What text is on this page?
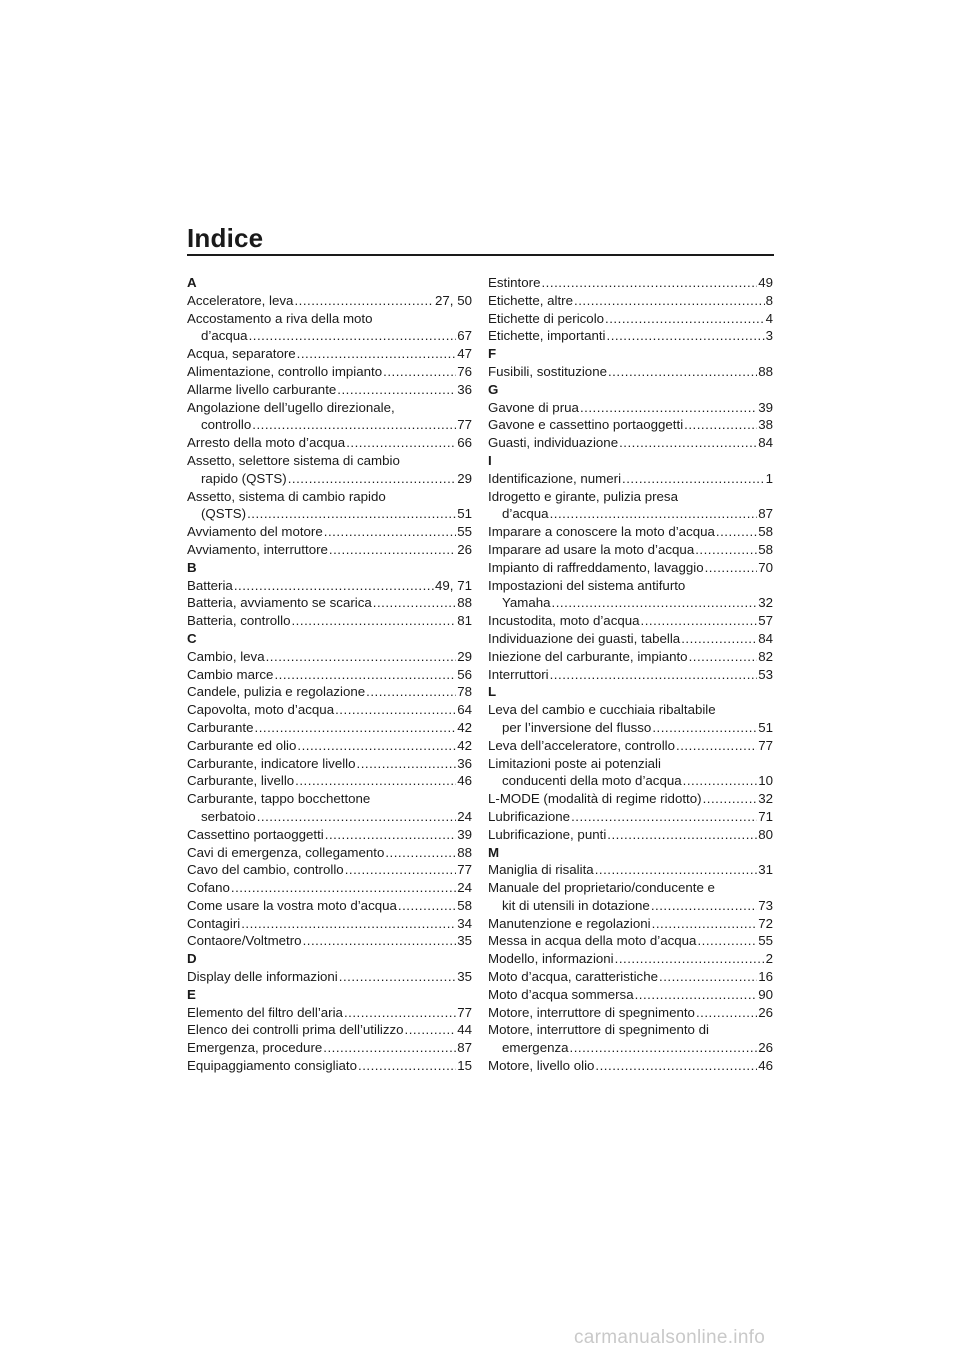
Indice
A
Acceleratore, leva .....	27, 50
Accostamento a riva della moto
d’acqua .....	67
Acqua, separatore .....	47
Alimentazione, controllo impianto .....	76
Allarme livello carburante .....	36
Angolazione dell’ugello direzionale,
controllo .....	77
Arresto della moto d’acqua .....	66
Assetto, selettore sistema di cambio
rapido (QSTS) .....	29
Assetto, sistema di cambio rapido
(QSTS) .....	51
Avviamento del motore .....	55
Avviamento, interruttore .....	26
B
Batteria .....	49, 71
Batteria, avviamento se scarica .....	88
Batteria, controllo .....	81
C
Cambio, leva .....	29
Cambio marce .....	56
Candele, pulizia e regolazione .....	78
Capovolta, moto d’acqua .....	64
Carburante .....	42
Carburante ed olio .....	42
Carburante, indicatore livello .....	36
Carburante, livello .....	46
Carburante, tappo bocchettone
serbatoio .....	24
Cassettino portaoggetti .....	39
Cavi di emergenza, collegamento .....	88
Cavo del cambio, controllo .....	77
Cofano .....	24
Come usare la vostra moto d’acqua .....	58
Contagiri .....	34
Contaore/Voltmetro .....	35
D
Display delle informazioni .....	35
E
Elemento del filtro dell’aria .....	77
Elenco dei controlli prima dell’utilizzo .....	44
Emergenza, procedure .....	87
Equipaggiamento consigliato .....	15
Estintore .....	49
Etichette, altre .....	8
Etichette di pericolo .....	4
Etichette, importanti .....	3
F
Fusibili, sostituzione .....	88
G
Gavone di prua .....	39
Gavone e cassettino portaoggetti .....	38
Guasti, individuazione .....	84
I
Identificazione, numeri .....	1
Idrogetto e girante, pulizia presa
d’acqua .....	87
Imparare a conoscere la moto d’acqua .....	58
Imparare ad usare la moto d’acqua .....	58
Impianto di raffreddamento, lavaggio .....	70
Impostazioni del sistema antifurto
Yamaha .....	32
Incustodita, moto d’acqua .....	57
Individuazione dei guasti, tabella .....	84
Iniezione del carburante, impianto .....	82
Interruttori .....	53
L
Leva del cambio e cucchiaia ribaltabile
per l’inversione del flusso .....	51
Leva dell’acceleratore, controllo .....	77
Limitazioni poste ai potenziali
conducenti della moto d’acqua .....	10
L-MODE (modalità di regime ridotto) .....	32
Lubrificazione .....	71
Lubrificazione, punti .....	80
M
Maniglia di risalita .....	31
Manuale del proprietario/conducente e
kit di utensili in dotazione .....	73
Manutenzione e regolazioni .....	72
Messa in acqua della moto d’acqua .....	55
Modello, informazioni .....	2
Moto d’acqua, caratteristiche .....	16
Moto d’acqua sommersa .....	90
Motore, interruttore di spegnimento .....	26
Motore, interruttore di spegnimento di
emergenza .....	26
Motore, livello olio .....	46
carmanualsonline.info
